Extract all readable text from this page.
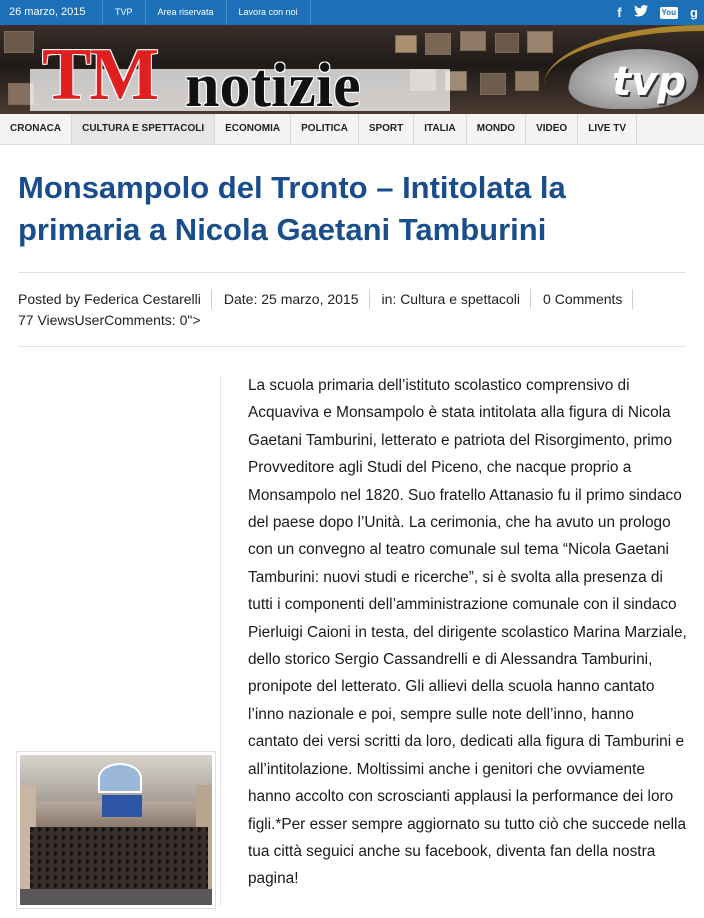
26 marzo, 2015	TVP	Area riservata	Lavora con noi	f	You g
TM notizie	tvp
CRONACA	CULTURA E SPETTACOLI	ECONOMIA	POLITICA	SPORT	ITALIA	MONDO	VIDEO	LIVE TV
Monsampolo del Tronto – Intitolata la primaria a Nicola Gaetani Tamburini
Posted by Federica Cestarelli Date: 25 marzo, 2015 in: Cultura e spettacoli 0 Comments
77 ViewsUserComments: 0">

La scuola primaria dell’istituto scolastico comprensivo di Acquaviva e Monsampolo è stata intitolata alla figura di Nicola Gaetani Tamburini, letterato e patriota del Risorgimento, primo Provveditore agli Studi del Piceno, che nacque proprio a Monsampolo nel 1820. Suo fratello Attanasio fu il primo sindaco del paese dopo l’Unità. La cerimonia, che ha avuto un prologo con un convegno al teatro comunale sul tema “Nicola Gaetani Tamburini: nuovi studi e ricerche”, si è svolta alla presenza di tutti i componenti dell’amministrazione comunale con il sindaco Pierluigi Caioni in testa, del dirigente scolastico Marina Marziale, dello storico Sergio Cassandrelli e di Alessandra Tamburini, pronipote del letterato. Gli allievi della scuola hanno cantato l’inno nazionale e poi, sempre sulle note dell’inno, hanno cantato dei versi scritti da loro, dedicati alla figura di Tamburini e all’intitolazione. Moltissimi anche i genitori che ovviamente hanno accolto con scroscianti applausi la performance dei loro figli.*Per esser sempre aggiornato su tutto ciò che succede nella tua città seguici anche su facebook, diventa fan della nostra pagina!
